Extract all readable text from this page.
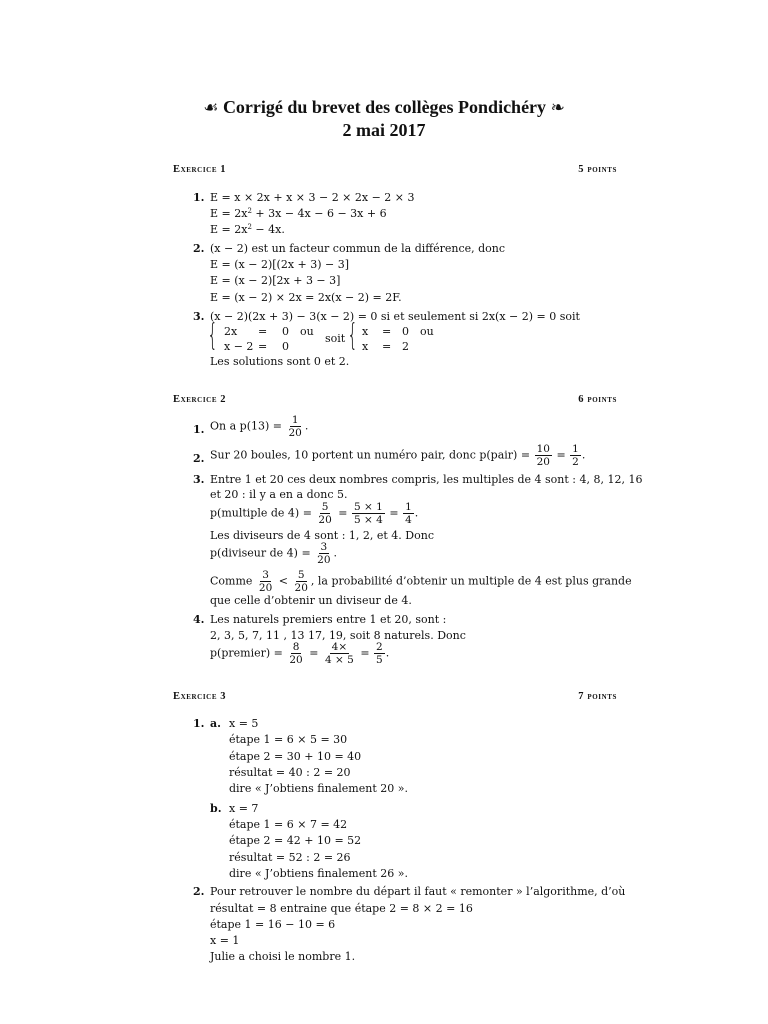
☙ Corrigé du brevet des collèges Pondichéry ❧
2 mai 2017
Exercice 1	5 points
1. E = x × 2x + x × 3 − 2 × 2x − 2 × 3
$E = 2x^2 + 3x - 4x - 6 - 3x + 6$
$E = 2x^2 - 4x$.
2. (x − 2) est un facteur commun de la différence, donc
E = (x − 2)[(2x + 3) − 3]
E = (x − 2)[2x + 3 − 3]
E = (x − 2) × 2x = 2x(x − 2) = 2F.
3. (x − 2)(2x + 3) − 3(x − 2) = 0 si et seulement si 2x(x − 2) = 0 soit
{ 2x = 0 ou
x − 2 = 0
soit { x = 0 ou
x = 2
Les solutions sont 0 et 2.
Exercice 2	6 points
1. On a $p(13) = \frac{1}{20}$ .
2. Sur 20 boules, 10 portent un numéro pair, donc p(pair) = $\frac{10}{20} = \frac{1}{2}$ .
3. Entre 1 et 20 ces deux nombres compris, les multiples de 4 sont : 4, 8, 12, 16
et 20 : il y a en a donc 5.
p(multiple de $4) = \frac{5}{20} = \frac{5 \times 1}{5 \times 4} = \frac{1}{4}$ .
Les diviseurs de 4 sont : 1, 2, et 4. Donc
p(diviseur de $4) = \frac{3}{20}$ .
Comme $\frac{3}{20} < \frac{5}{20}$ , la probabilité d’obtenir un multiple de 4 est plus grande
que celle d’obtenir un diviseur de 4.
4. Les naturels premiers entre 1 et 20, sont :
2, 3, 5, 7, 11 , 13 17, 19, soit 8 naturels. Donc
p(premier) = $\frac{8}{20} = \frac{4\times}{4 \times 5} = \frac{2}{5}$ .
Exercice 3	7 points
1. a. x = 5
étape 1 = 6 × 5 = 30
étape 2 = 30 + 10 = 40
résultat = 40 : 2 = 20
dire « J’obtiens finalement 20 ».
b. x = 7
étape 1 = 6 × 7 = 42
étape 2 = 42 + 10 = 52
résultat = 52 : 2 = 26
dire « J’obtiens finalement 26 ».
2. Pour retrouver le nombre du départ il faut « remonter » l’algorithme, d’où
résultat = 8 entraine que étape 2 = 8 × 2 = 16
étape 1 = 16 − 10 = 6
x = 1
Julie a choisi le nombre 1.
